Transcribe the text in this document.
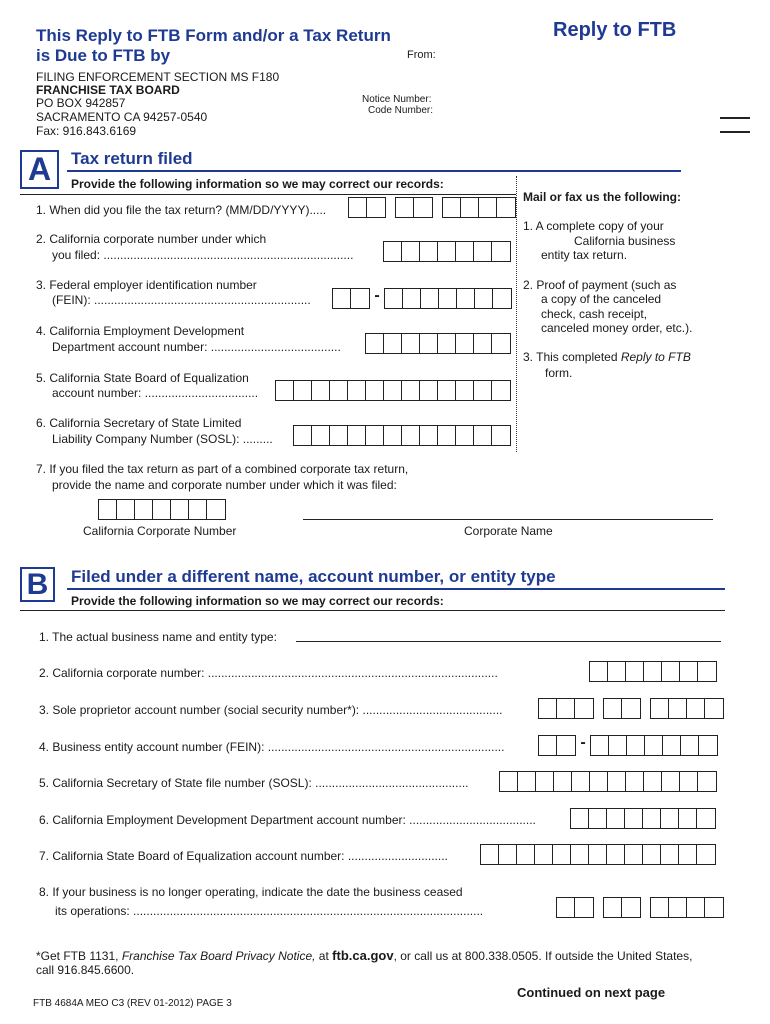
This Reply to FTB Form and/or a Tax Return
is Due to FTB by	From:
Reply to FTB
FILING ENFORCEMENT SECTION MS F180
FRANCHISE TAX BOARD
PO BOX 942857
SACRAMENTO CA 94257-0540
Fax: 916.843.6169
Notice Number:
Code Number:
A	Tax return filed
Provide the following information so we may correct our records:
1. When did you file the tax return? (MM/DD/YYYY).....
2. California corporate number under which
you filed: ...........................................................................
3. Federal employer identification number
(FEIN): .................................................................	-
4. California Employment Development
Department account number: .......................................
5. California State Board of Equalization
account number: ..................................
6. California Secretary of State Limited
Liability Company Number (SOSL): .........
7. If you filed the tax return as part of a combined corporate tax return,
provide the name and corporate number under which it was filed:
California Corporate Number	Corporate Name
Mail or fax us the following:
1. A complete copy of your
California business
entity tax return.
2. Proof of payment (such as
a copy of the canceled
check, cash receipt,
canceled money order, etc.).
3. This completed Reply to FTB
form.
B	Filed under a different name, account number, or entity type
Provide the following information so we may correct our records:
1. The actual business name and entity type:
2. California corporate number: .......................................................................................
3. Sole proprietor account number (social security number*): ..........................................
4. Business entity account number (FEIN): .......................................................................	-
5. California Secretary of State file number (SOSL): ..............................................
6. California Employment Development Department account number: ......................................
7. California State Board of Equalization account number: ..............................
8. If your business is no longer operating, indicate the date the business ceased
its operations: .........................................................................................................
*Get FTB 1131, Franchise Tax Board Privacy Notice, at ftb.ca.gov, or call us at 800.338.0505. If outside the United States,
call 916.845.6600.
Continued on next page
FTB 4684A MEO C3 (REV 01-2012) PAGE 3
